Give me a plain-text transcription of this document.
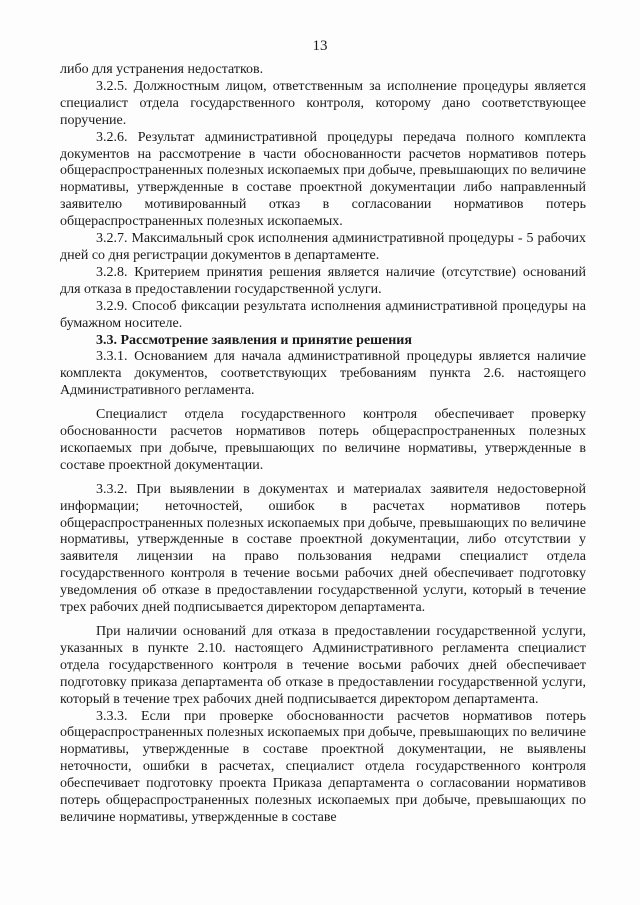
13

либо для устранения недостатков.

3.2.5. Должностным лицом, ответственным за исполнение процедуры является специалист отдела государственного контроля, которому дано соответствующее поручение.

3.2.6. Результат административной процедуры передача полного комплекта документов на рассмотрение в части обоснованности расчетов нормативов потерь общераспространенных полезных ископаемых при добыче, превышающих по величине нормативы, утвержденные в составе проектной документации либо направленный заявителю мотивированный отказ в согласовании нормативов потерь общераспространенных полезных ископаемых.

3.2.7. Максимальный срок исполнения административной процедуры - 5 рабочих дней со дня регистрации документов в департаменте.

3.2.8. Критерием принятия решения является наличие (отсутствие) оснований для отказа в предоставлении государственной услуги.

3.2.9. Способ фиксации результата исполнения административной процедуры на бумажном носителе.

3.3. Рассмотрение заявления и принятие решения

3.3.1. Основанием для начала административной процедуры является наличие комплекта документов, соответствующих требованиям пункта 2.6. настоящего Административного регламента.

Специалист отдела государственного контроля обеспечивает проверку обоснованности расчетов нормативов потерь общераспространенных полезных ископаемых при добыче, превышающих по величине нормативы, утвержденные в составе проектной документации.

3.3.2. При выявлении в документах и материалах заявителя недостоверной информации; неточностей, ошибок в расчетах нормативов потерь общераспространенных полезных ископаемых при добыче, превышающих по величине нормативы, утвержденные в составе проектной документации, либо отсутствии у заявителя лицензии на право пользования недрами специалист отдела государственного контроля в течение восьми рабочих дней обеспечивает подготовку уведомления об отказе в предоставлении государственной услуги, который в течение трех рабочих дней подписывается директором департамента.

При наличии оснований для отказа в предоставлении государственной услуги, указанных в пункте 2.10. настоящего Административного регламента специалист отдела государственного контроля в течение восьми рабочих дней обеспечивает подготовку приказа департамента об отказе в предоставлении государственной услуги, который в течение трех рабочих дней подписывается директором департамента.

3.3.3. Если при проверке обоснованности расчетов нормативов потерь общераспространенных полезных ископаемых при добыче, превышающих по величине нормативы, утвержденные в составе проектной документации, не выявлены неточности, ошибки в расчетах, специалист отдела государственного контроля обеспечивает подготовку проекта Приказа департамента о согласовании нормативов потерь общераспространенных полезных ископаемых при добыче, превышающих по величине нормативы, утвержденные в составе
